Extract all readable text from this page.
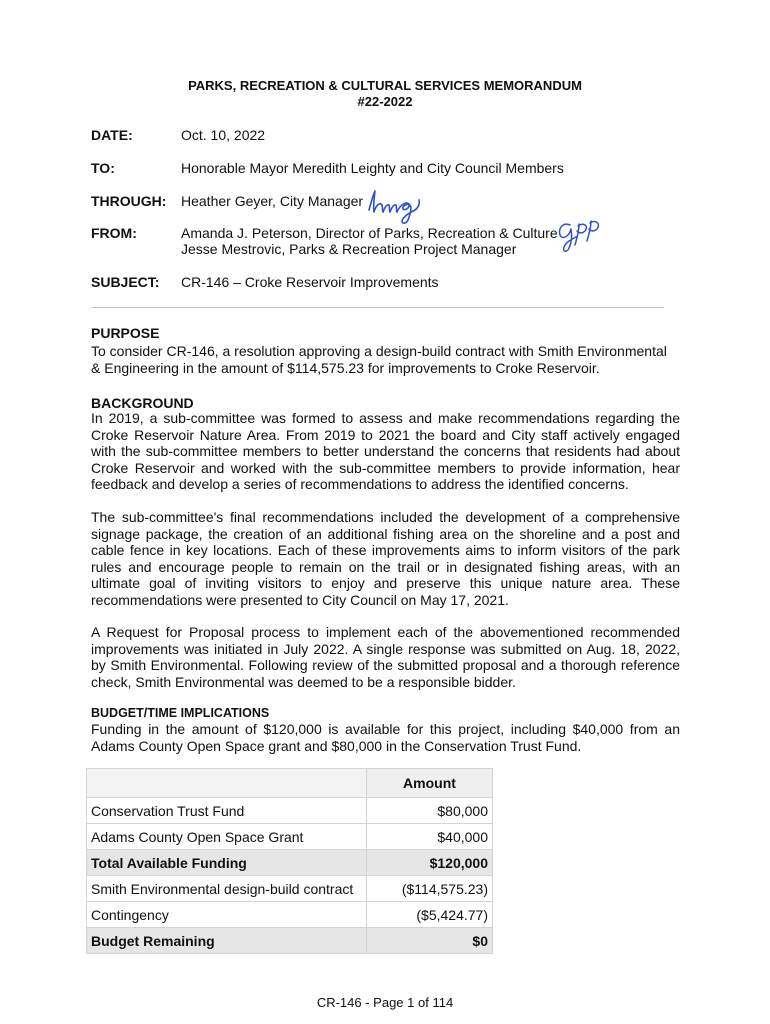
PARKS, RECREATION & CULTURAL SERVICES MEMORANDUM
#22-2022
DATE:	Oct. 10, 2022
TO:	Honorable Mayor Meredith Leighty and City Council Members
THROUGH: Heather Geyer, City Manager
FROM:	Amanda J. Peterson, Director of Parks, Recreation & Culture
Jesse Mestrovic, Parks & Recreation Project Manager
SUBJECT: CR-146 – Croke Reservoir Improvements
PURPOSE
To consider CR-146, a resolution approving a design-build contract with Smith Environmental & Engineering in the amount of $114,575.23 for improvements to Croke Reservoir.
BACKGROUND
In 2019, a sub-committee was formed to assess and make recommendations regarding the Croke Reservoir Nature Area. From 2019 to 2021 the board and City staff actively engaged with the sub-committee members to better understand the concerns that residents had about Croke Reservoir and worked with the sub-committee members to provide information, hear feedback and develop a series of recommendations to address the identified concerns.
The sub-committee's final recommendations included the development of a comprehensive signage package, the creation of an additional fishing area on the shoreline and a post and cable fence in key locations. Each of these improvements aims to inform visitors of the park rules and encourage people to remain on the trail or in designated fishing areas, with an ultimate goal of inviting visitors to enjoy and preserve this unique nature area. These recommendations were presented to City Council on May 17, 2021.
A Request for Proposal process to implement each of the abovementioned recommended improvements was initiated in July 2022. A single response was submitted on Aug. 18, 2022, by Smith Environmental. Following review of the submitted proposal and a thorough reference check, Smith Environmental was deemed to be a responsible bidder.
BUDGET/TIME IMPLICATIONS
Funding in the amount of $120,000 is available for this project, including $40,000 from an Adams County Open Space grant and $80,000 in the Conservation Trust Fund.
	Amount
Conservation Trust Fund	$80,000
Adams County Open Space Grant	$40,000
Total Available Funding	$120,000
Smith Environmental design-build contract	($114,575.23)
Contingency	($5,424.77)
Budget Remaining	$0
CR-146 - Page 1 of 114
